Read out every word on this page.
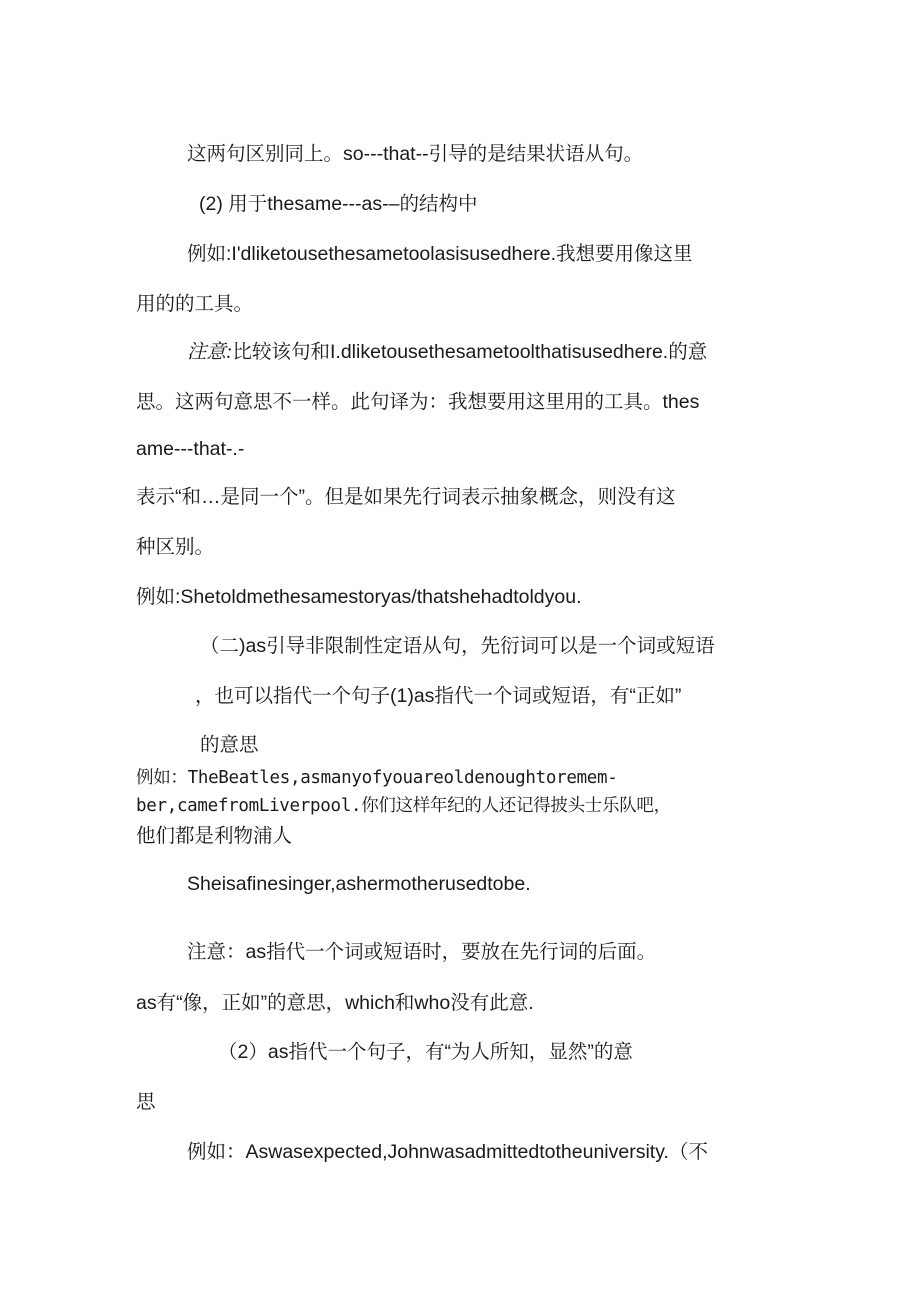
这两句区别同上。so---that--引导的是结果状语从句。
(2) 用于thesame---as-–的结构中
例如:I'dliketousethesametoolasisusedhere.我想要用像这里
用的的工具。
注意:比较该句和I.dliketousethesametoolthatisusedhere.的意
思。这两句意思不一样。此句译为：我想要用这里用的工具。thes
ame---that-.-
表示“和…是同一个”。但是如果先行词表示抽象概念，则没有这
种区别。
例如:Shetoldmethesamestoryas/thatshehadtoldyou.
（二)as引导非限制性定语从句，先衍词可以是一个词或短语
，也可以指代一个句子(1)as指代一个词或短语，有“正如”
的意思
例如：TheBeatles,asmanyofyouareoldenoughtoremem-
ber,camefromLiverpool.你们这样年纪的人还记得披头士乐队吧，
他们都是利物浦人
Sheisafinesinger,ashermotherusedtobe.
注意：as指代一个词或短语时，要放在先行词的后面。
as有“像，正如”的意思，which和who没有此意.
（2）as指代一个句子，有“为人所知，显然”的意
思
例如：Aswasexpected,Johnwasadmittedtotheuniversity.（不
